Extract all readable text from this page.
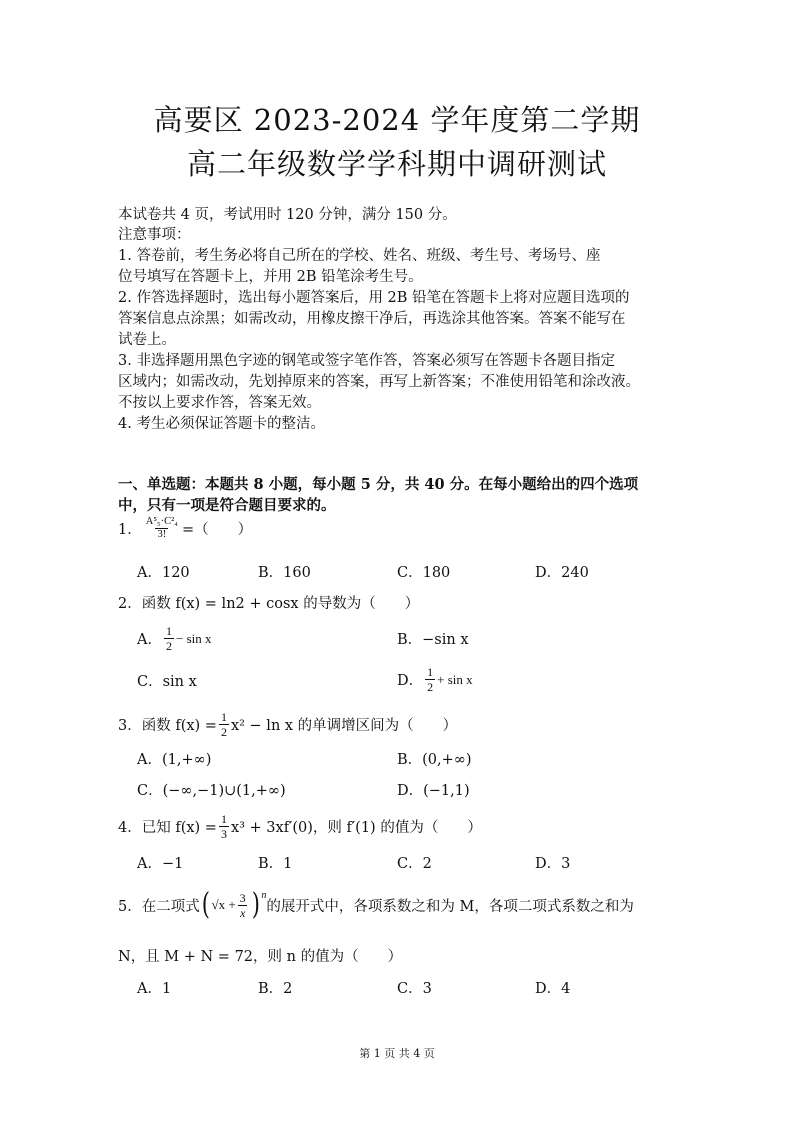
高要区 2023-2024 学年度第二学期
高二年级数学学科期中调研测试
本试卷共 4 页，考试用时 120 分钟，满分 150 分。
注意事项：
1. 答卷前，考生务必将自己所在的学校、姓名、班级、考生号、考场号、座
位号填写在答题卡上，并用 2B 铅笔涂考生号。
2. 作答选择题时，选出每小题答案后，用 2B 铅笔在答题卡上将对应题目选项的
答案信息点涂黑；如需改动，用橡皮擦干净后，再选涂其他答案。答案不能写在
试卷上。
3. 非选择题用黑色字迹的钢笔或签字笔作答，答案必须写在答题卡各题目指定
区域内；如需改动，先划掉原来的答案，再写上新答案；不准使用铅笔和涂改液。
不按以上要求作答，答案无效。
4. 考生必须保证答题卡的整洁。
一、单选题：本题共 8 小题，每小题 5 分，共 40 分。在每小题给出的四个选项
中，只有一项是符合题目要求的。
1． $\frac{\text{A⁵₅·C²₄}}{3!}$ =（　　）
A．120	B．160	C．180	D．240
2．函数 f(x) = ln2 + cosx 的导数为（　　）
A． $\frac{1}{2} - \sin x$	B．−sin x
C．sin x	D． $\frac{1}{2} + \sin x$
3．函数 $f(x) = \frac{1}{2} x^2 - \ln x$ 的单调增区间为（　　）
A．(1,+∞)	B．(0,+∞)
C．(−∞,−1)∪(1,+∞)	D．(−1,1)
4．已知 $f(x) = \frac{1}{3} x^3 + 3xf'(0)$，则 f′(1) 的值为（　　）
A．−1	B．1	C．2	D．3
5．在二项式 ( $√x + \frac{3}{x} )^n$
的展开式中，各项系数之和为 M，各项二项式系数之和为
N，且 M + N = 72，则 n 的值为（　　）
A．1	B．2	C．3	D．4
第 1 页 共 4 页
